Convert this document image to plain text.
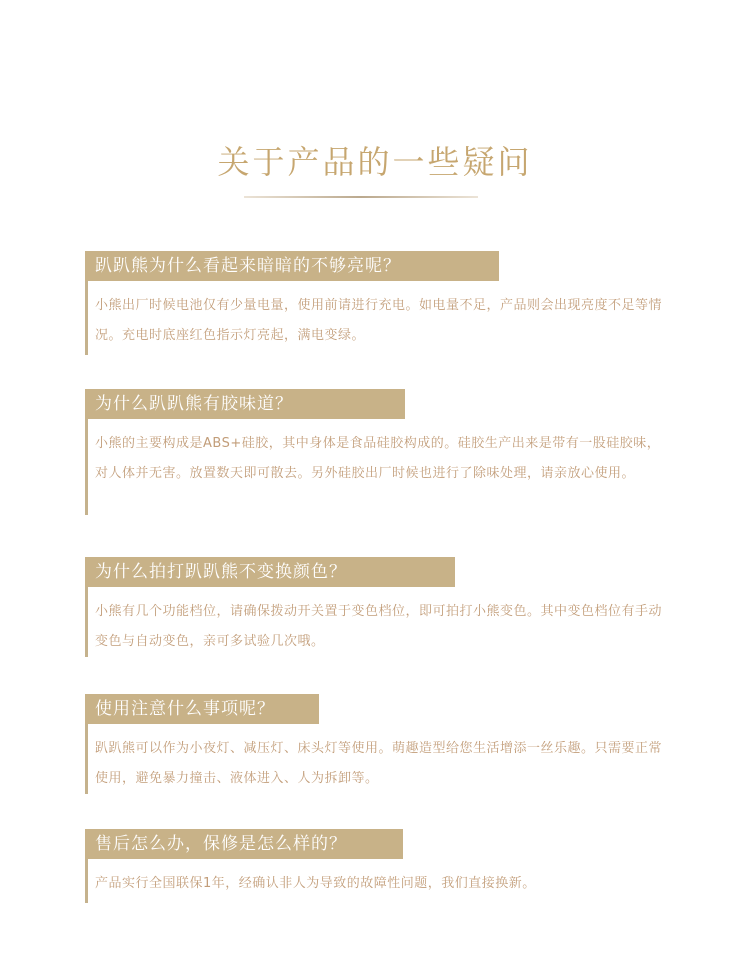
关于产品的一些疑问
趴趴熊为什么看起来暗暗的不够亮呢？

小熊出厂时候电池仅有少量电量，使用前请进行充电。如电量不足，产品则会出现亮度不足等情况。充电时底座红色指示灯亮起，满电变绿。

为什么趴趴熊有胶味道？

小熊的主要构成是ABS+硅胶，其中身体是食品硅胶构成的。硅胶生产出来是带有一股硅胶味，对人体并无害。放置数天即可散去。另外硅胶出厂时候也进行了除味处理，请亲放心使用。

为什么拍打趴趴熊不变换颜色？

小熊有几个功能档位，请确保拨动开关置于变色档位，即可拍打小熊变色。其中变色档位有手动变色与自动变色，亲可多试验几次哦。

使用注意什么事项呢？

趴趴熊可以作为小夜灯、减压灯、床头灯等使用。萌趣造型给您生活增添一丝乐趣。只需要正常使用，避免暴力撞击、液体进入、人为拆卸等。

售后怎么办，保修是怎么样的？

产品实行全国联保1年，经确认非人为导致的故障性问题，我们直接换新。
